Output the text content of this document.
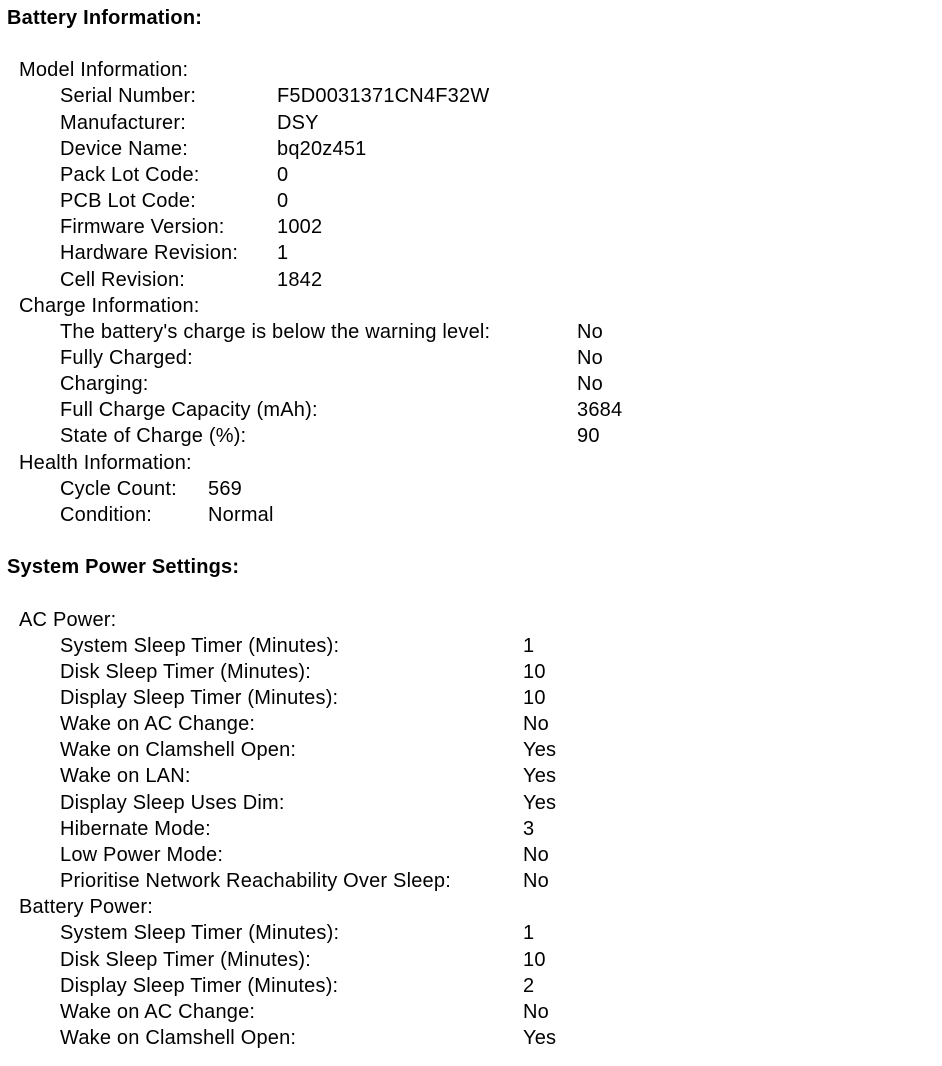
Battery Information:
Model Information:
Serial Number:	F5D0031371CN4F32W
Manufacturer:	DSY
Device Name:	bq20z451
Pack Lot Code:	0
PCB Lot Code:	0
Firmware Version:	1002
Hardware Revision:	1
Cell Revision:	1842
Charge Information:
The battery's charge is below the warning level:	No
Fully Charged:	No
Charging:	No
Full Charge Capacity (mAh):	3684
State of Charge (%):	90
Health Information:
Cycle Count:	569
Condition:	Normal
System Power Settings:
AC Power:
System Sleep Timer (Minutes):	1
Disk Sleep Timer (Minutes):	10
Display Sleep Timer (Minutes):	10
Wake on AC Change:	No
Wake on Clamshell Open:	Yes
Wake on LAN:	Yes
Display Sleep Uses Dim:	Yes
Hibernate Mode:	3
Low Power Mode:	No
Prioritise Network Reachability Over Sleep:	No
Battery Power:
System Sleep Timer (Minutes):	1
Disk Sleep Timer (Minutes):	10
Display Sleep Timer (Minutes):	2
Wake on AC Change:	No
Wake on Clamshell Open:	Yes
